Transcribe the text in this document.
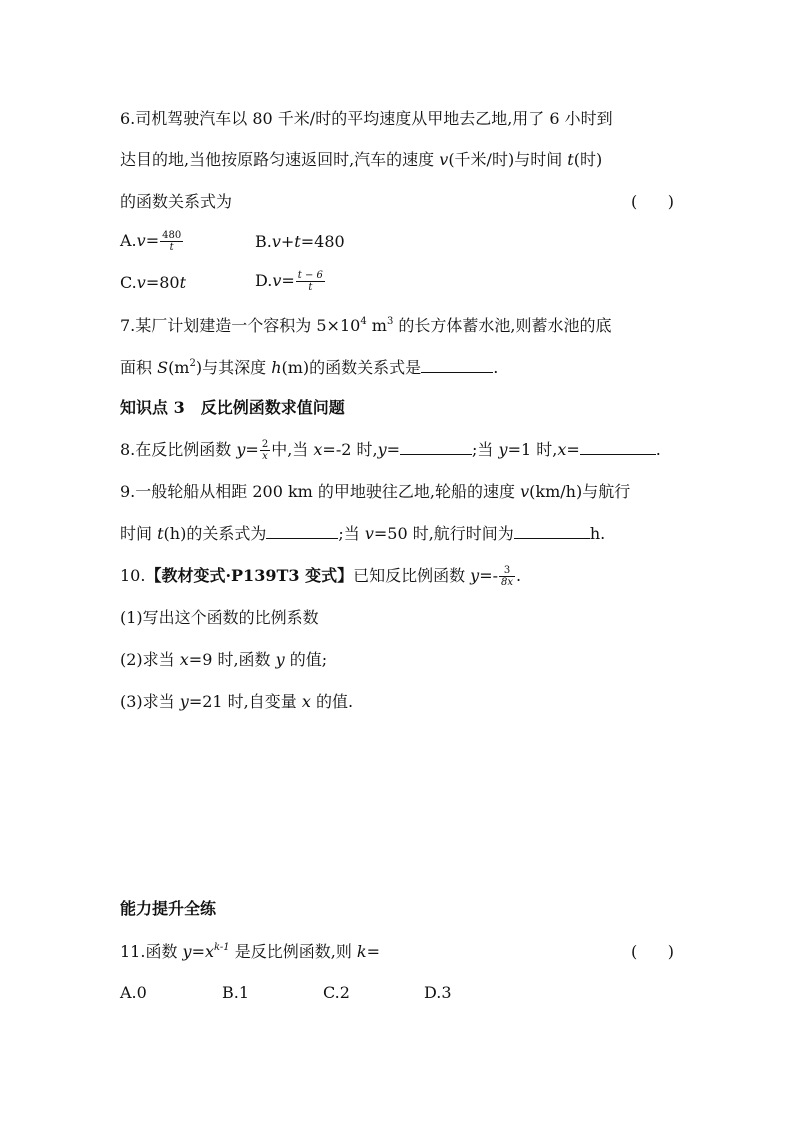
6.司机驾驶汽车以 80 千米/时的平均速度从甲地去乙地,用了 6 小时到
达目的地,当他按原路匀速返回时,汽车的速度 v(千米/时)与时间 t(时)
的函数关系式为	(      )
$A.v= \frac{480}{t}$	B.v+t=480
C.v=80t	$D.v= \frac{t - 6}{t}$
7.某厂计划建造一个容积为 $5\times 10^4$ $m^3$ 的长方体蓄水池,则蓄水池的底
面积 $S(m^2)$与其深度 h(m)的函数关系式是	.
知识点 3　反比例函数求值问题
8.在反比例函数 $y= \frac{2}{x}$ 中,当 x=-2 时,y=	;当 y=1 时,x=	.
9.一般轮船从相距 200 km 的甲地驶往乙地,轮船的速度 v(km/h)与航行
时间 t(h)的关系式为	;当 v=50 时,航行时间为	h.
10.【教材变式·P139T3 变式】已知反比例函数 $y=- \frac{3}{8x}$ .
(1)写出这个函数的比例系数
(2)求当 x=9 时,函数 y 的值;
(3)求当 y=21 时,自变量 x 的值.
能力提升全练
11.函数 $y=x^{k-1}$ 是反比例函数,则 k=	(      )
A.0	B.1	C.2	D.3
